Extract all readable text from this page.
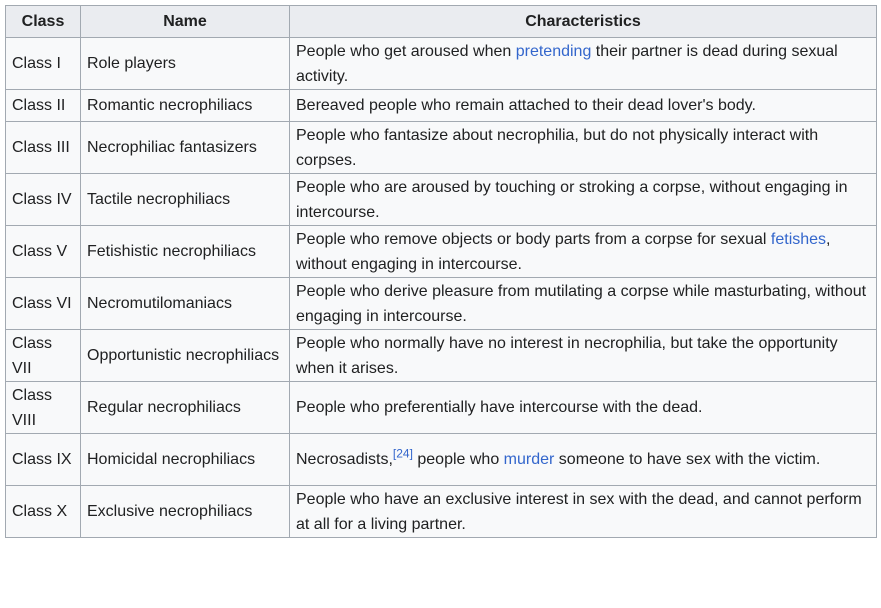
Class	Name	Characteristics
Class I	Role players	People who get aroused when pretending their partner is dead during sexual activity.
Class II	Romantic necrophiliacs	Bereaved people who remain attached to their dead lover's body.
Class III	Necrophiliac fantasizers	People who fantasize about necrophilia, but do not physically interact with corpses.
Class IV	Tactile necrophiliacs	People who are aroused by touching or stroking a corpse, without engaging in intercourse.
Class V	Fetishistic necrophiliacs	People who remove objects or body parts from a corpse for sexual fetishes, without engaging in intercourse.
Class VI	Necromutilomaniacs	People who derive pleasure from mutilating a corpse while masturbating, without engaging in intercourse.
Class VII	Opportunistic necrophiliacs	People who normally have no interest in necrophilia, but take the opportunity when it arises.
Class VIII	Regular necrophiliacs	People who preferentially have intercourse with the dead.
Class IX	Homicidal necrophiliacs	Necrosadists,[24] people who murder someone to have sex with the victim.
Class X	Exclusive necrophiliacs	People who have an exclusive interest in sex with the dead, and cannot perform at all for a living partner.
